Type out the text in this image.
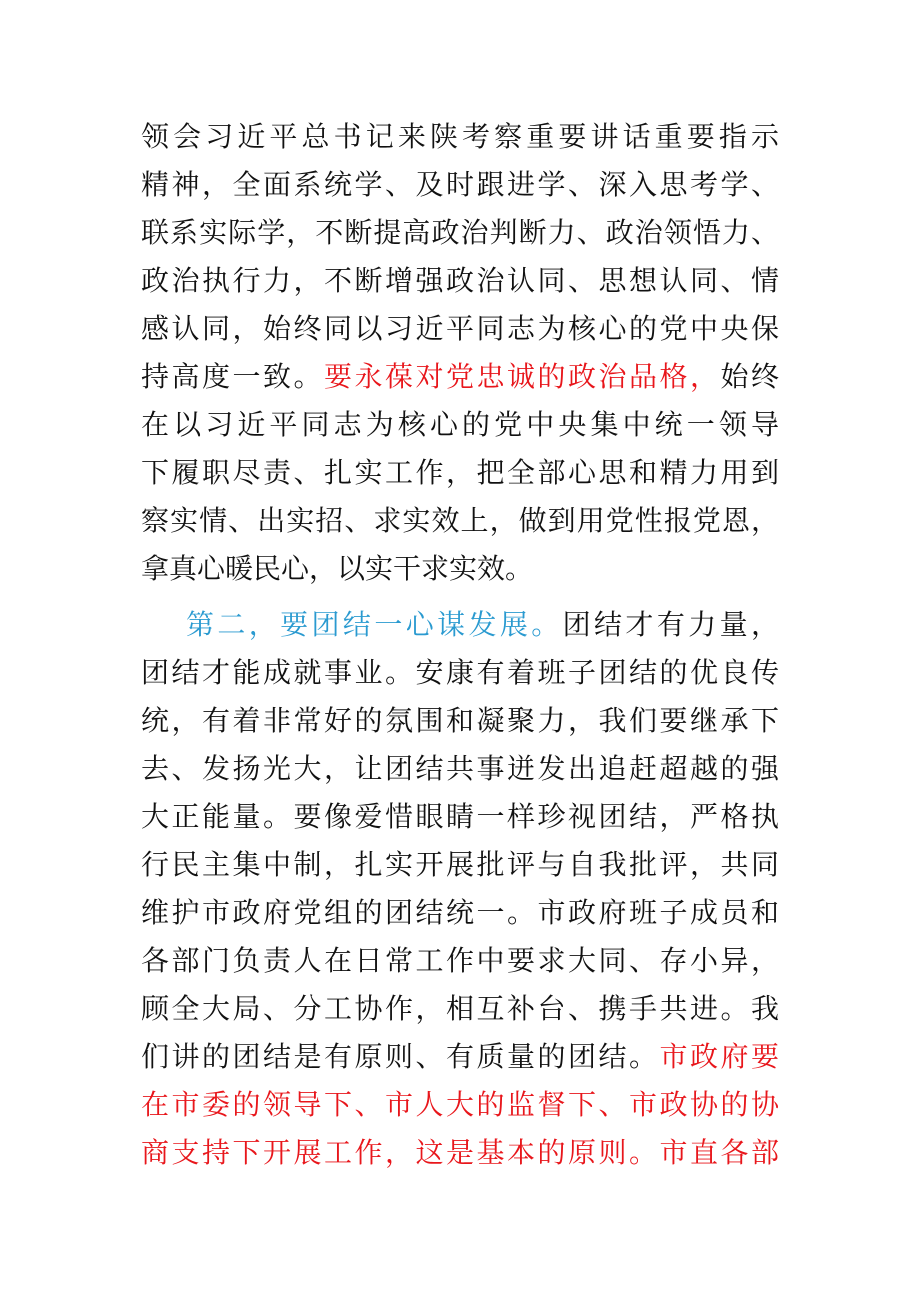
领会习近平总书记来陕考察重要讲话重要指示
精神，全面系统学、及时跟进学、深入思考学、
联系实际学，不断提高政治判断力、政治领悟力、
政治执行力，不断增强政治认同、思想认同、情
感认同，始终同以习近平同志为核心的党中央保
持高度一致。要永葆对党忠诚的政治品格，始终
在以习近平同志为核心的党中央集中统一领导
下履职尽责、扎实工作，把全部心思和精力用到
察实情、出实招、求实效上，做到用党性报党恩，
拿真心暖民心，以实干求实效。
第二，要团结一心谋发展。团结才有力量，
团结才能成就事业。安康有着班子团结的优良传
统，有着非常好的氛围和凝聚力，我们要继承下
去、发扬光大，让团结共事迸发出追赶超越的强
大正能量。要像爱惜眼睛一样珍视团结，严格执
行民主集中制，扎实开展批评与自我批评，共同
维护市政府党组的团结统一。市政府班子成员和
各部门负责人在日常工作中要求大同、存小异，
顾全大局、分工协作，相互补台、携手共进。我
们讲的团结是有原则、有质量的团结。市政府要
在市委的领导下、市人大的监督下、市政协的协
商支持下开展工作，这是基本的原则。市直各部
